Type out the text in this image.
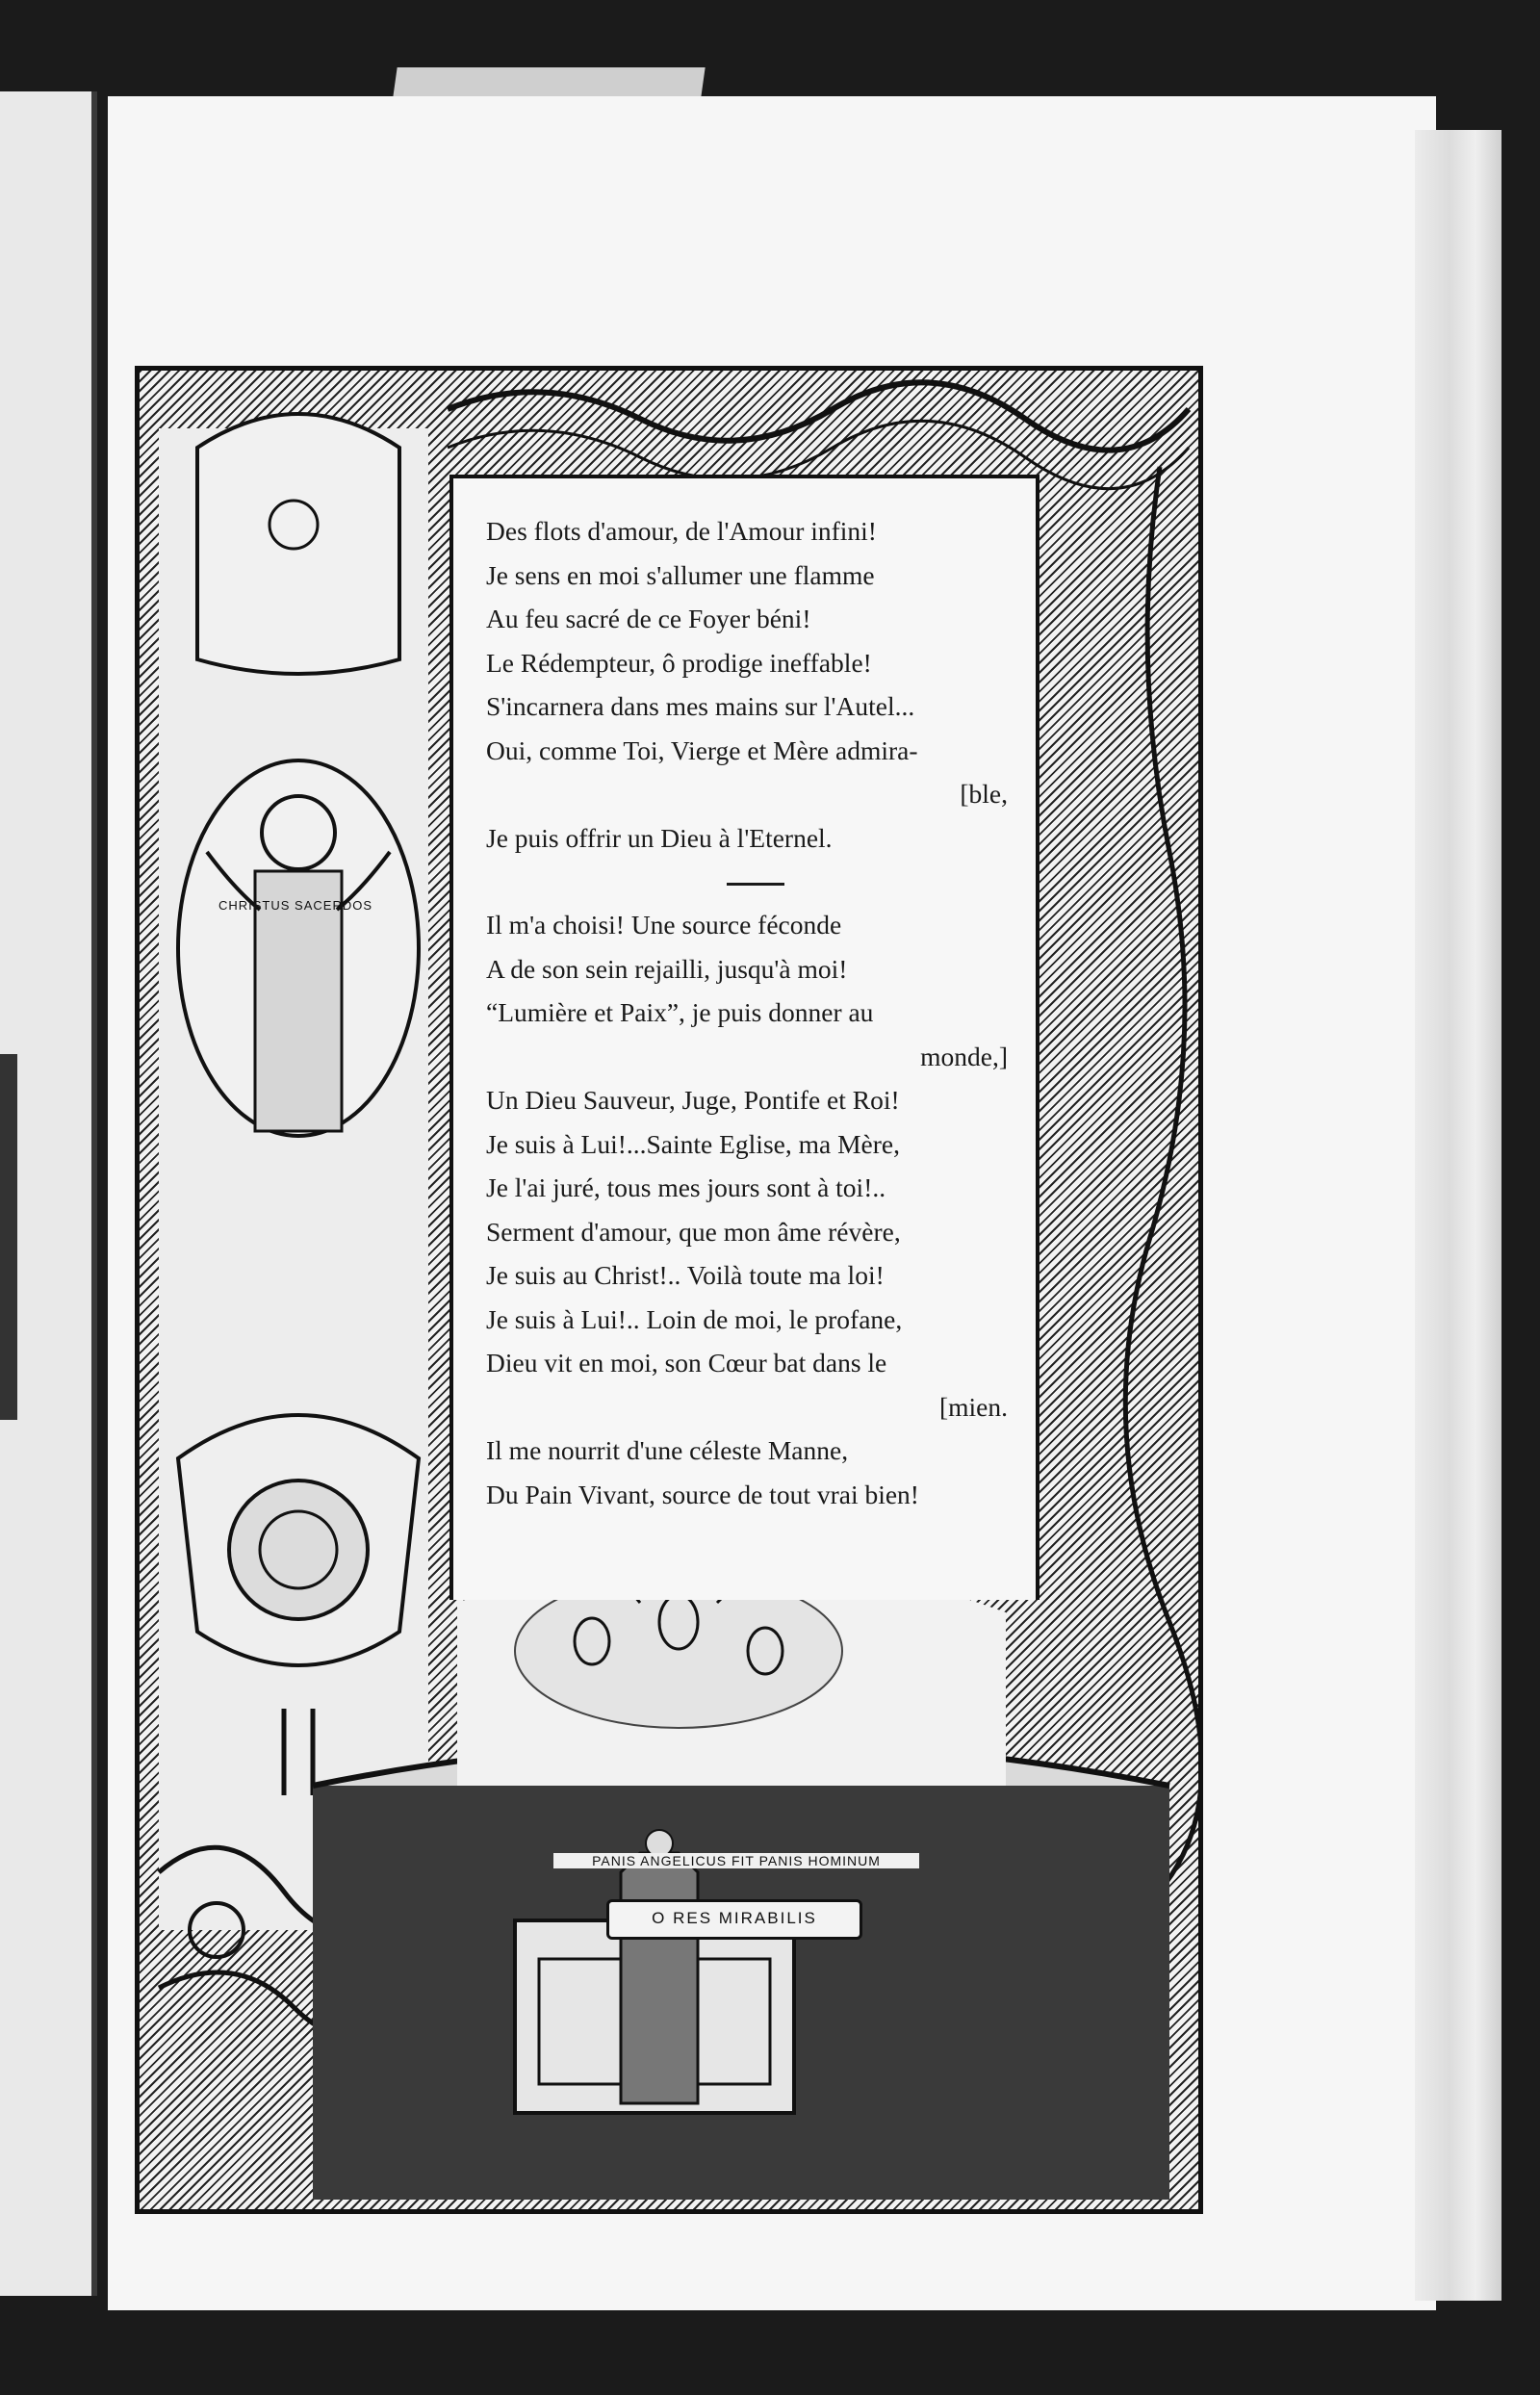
Des flots d'amour, de l'Amour infini!
Je sens en moi s'allumer une flamme
Au feu sacré de ce Foyer béni!
Le Rédempteur, ô prodige ineffable!
S'incarnera dans mes mains sur l'Autel...
Oui, comme Toi, Vierge et Mère admira-
[ble,
Je puis offrir un Dieu à l'Eternel.
Il m'a choisi! Une source féconde
A de son sein rejailli, jusqu'à moi!
“Lumière et Paix”, je puis donner au
monde,]
Un Dieu Sauveur, Juge, Pontife et Roi!
Je suis à Lui!...Sainte Eglise, ma Mère,
Je l'ai juré, tous mes jours sont à toi!..
Serment d'amour, que mon âme révère,
Je suis au Christ!.. Voilà toute ma loi!
Je suis à Lui!.. Loin de moi, le profane,
Dieu vit en moi, son Cœur bat dans le
[mien.
Il me nourrit d'une céleste Manne,
Du Pain Vivant, source de tout vrai bien!
CHRISTUS SACERDOS
PANIS ANGELICUS FIT PANIS HOMINUM
O RES MIRABILIS
